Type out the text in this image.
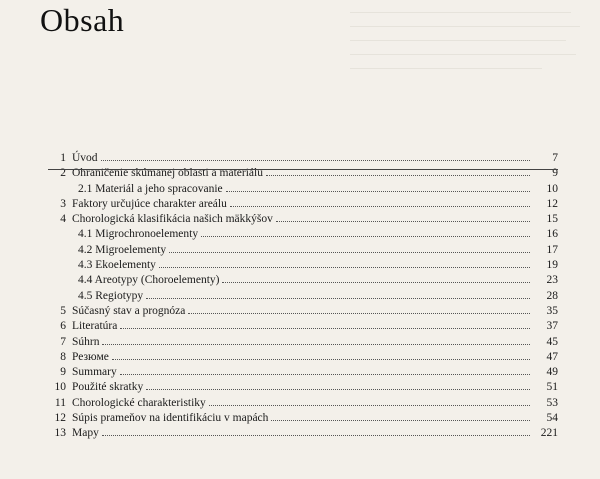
Obsah
1 Úvod	7
2 Ohraničenie skúmanej oblasti a materiálu	9
2.1 Materiál a jeho spracovanie	10
3 Faktory určujúce charakter areálu	12
4 Chorologická klasifikácia našich mäkkýšov	15
4.1 Migrochronoelementy	16
4.2 Migroelementy	17
4.3 Ekoelementy	19
4.4 Areotypy (Choroelementy)	23
4.5 Regiotypy	28
5 Súčasný stav a prognóza	35
6 Literatúra	37
7 Súhrn	45
8 Резюме	47
9 Summary	49
10 Použité skratky	51
11 Chorologické charakteristiky	53
12 Súpis prameňov na identifikáciu v mapách	54
13 Mapy	221
